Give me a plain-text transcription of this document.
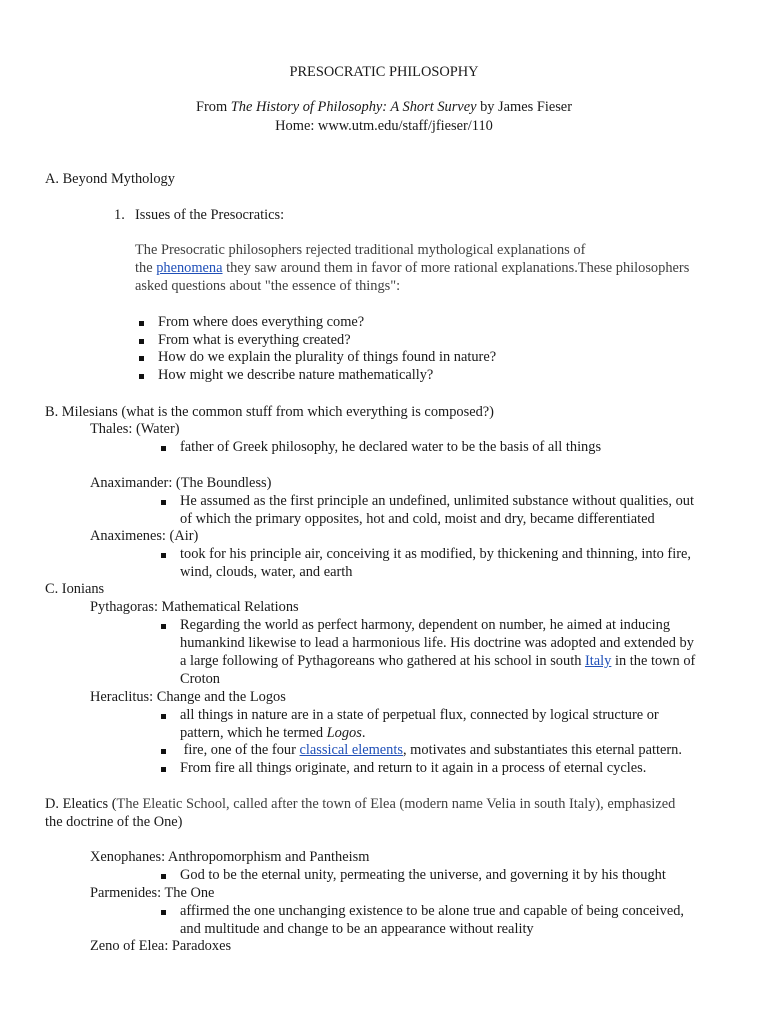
PRESOCRATIC PHILOSOPHY
From The History of Philosophy: A Short Survey by James Fieser
Home: www.utm.edu/staff/jfieser/110
A. Beyond Mythology
1. Issues of the Presocratics:
The Presocratic philosophers rejected traditional mythological explanations of
the phenomena they saw around them in favor of more rational explanations.These philosophers
asked questions about "the essence of things":
From where does everything come?
From what is everything created?
How do we explain the plurality of things found in nature?
How might we describe nature mathematically?
B. Milesians (what is the common stuff from which everything is composed?)
Thales: (Water)
father of Greek philosophy, he declared water to be the basis of all things
Anaximander: (The Boundless)
He assumed as the first principle an undefined, unlimited substance without qualities, out
of which the primary opposites, hot and cold, moist and dry, became differentiated
Anaximenes: (Air)
took for his principle air, conceiving it as modified, by thickening and thinning, into fire,
wind, clouds, water, and earth
C. Ionians
Pythagoras: Mathematical Relations
Regarding the world as perfect harmony, dependent on number, he aimed at inducing
humankind likewise to lead a harmonious life. His doctrine was adopted and extended by
a large following of Pythagoreans who gathered at his school in south Italy in the town of
Croton
Heraclitus: Change and the Logos
all things in nature are in a state of perpetual flux, connected by logical structure or
pattern, which he termed Logos.
fire, one of the four classical elements, motivates and substantiates this eternal pattern.
From fire all things originate, and return to it again in a process of eternal cycles.
D. Eleatics (The Eleatic School, called after the town of Elea (modern name Velia in south Italy), emphasized
the doctrine of the One)
Xenophanes: Anthropomorphism and Pantheism
God to be the eternal unity, permeating the universe, and governing it by his thought
Parmenides: The One
affirmed the one unchanging existence to be alone true and capable of being conceived,
and multitude and change to be an appearance without reality
Zeno of Elea: Paradoxes
